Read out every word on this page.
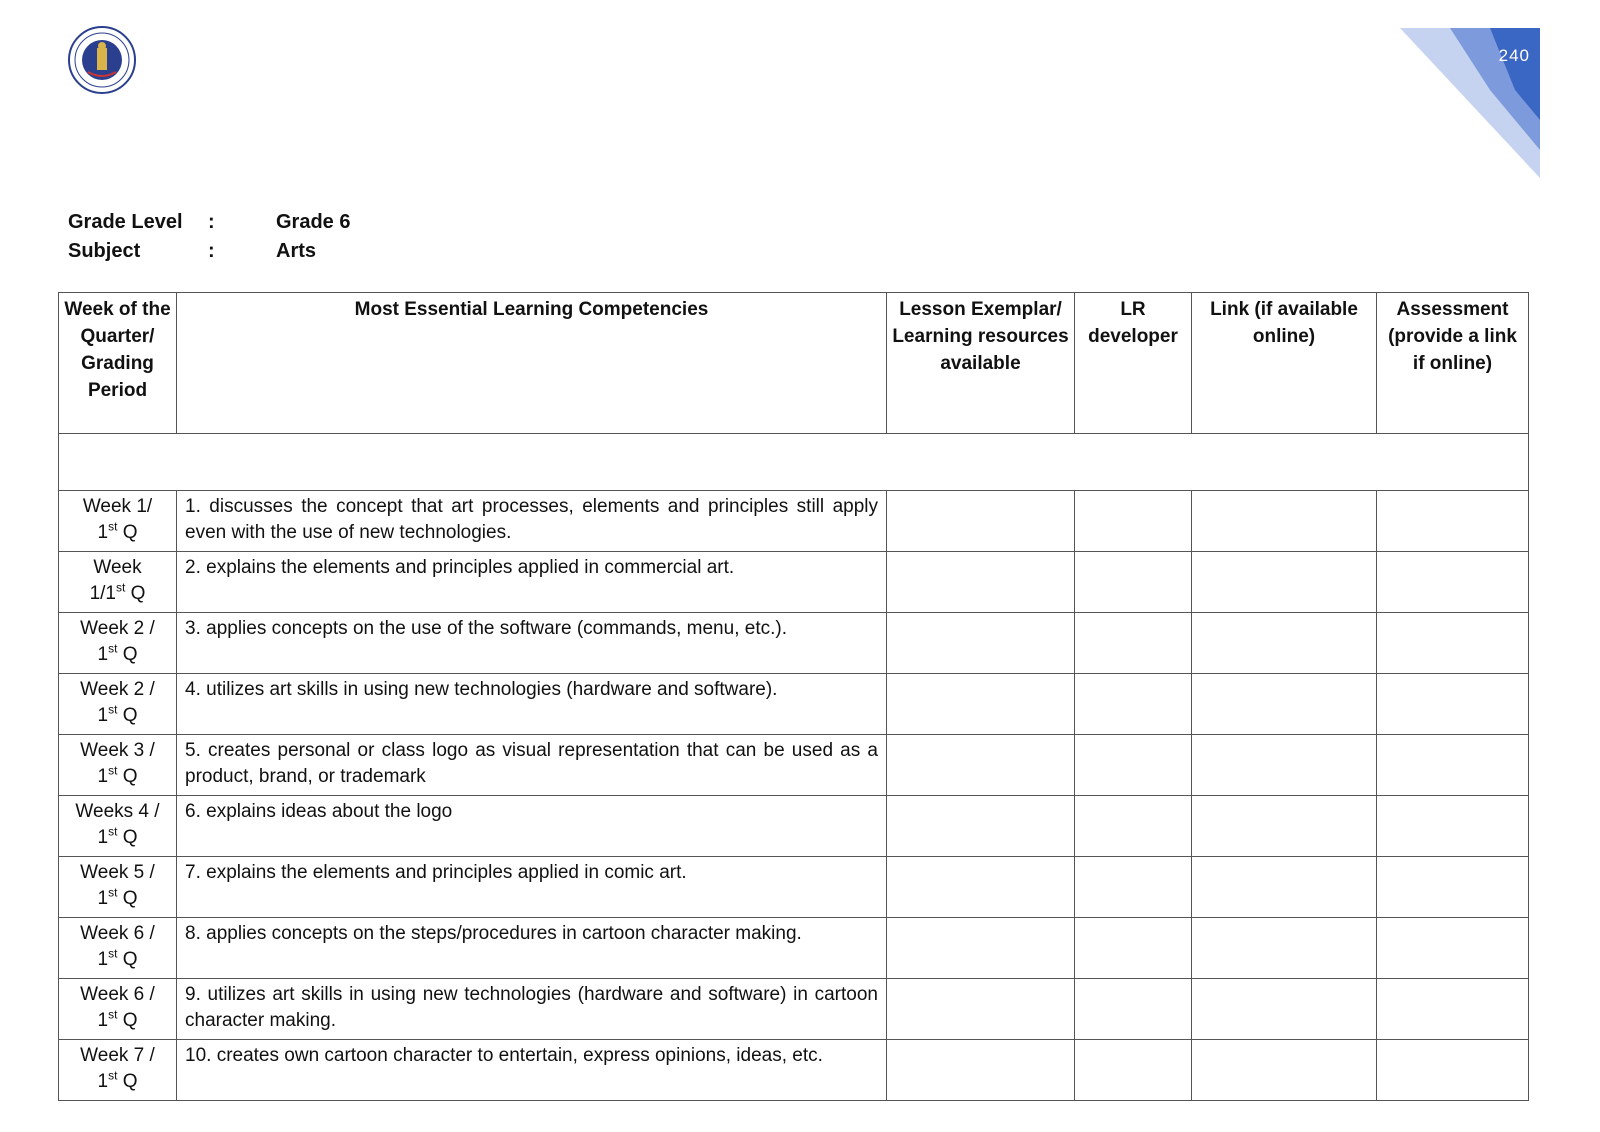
240
Grade Level	:	Grade 6
Subject	:	Arts
Week of the Quarter/ Grading Period	Most Essential Learning Competencies	Lesson Exemplar/ Learning resources available	LR developer	Link (if available online)	Assessment (provide a link if online)

Week 1/
1st Q	1. discusses the concept that art processes, elements and principles still apply even with the use of new technologies.				
Week
1/1st Q	2. explains the elements and principles applied in commercial art.				
Week 2 /
1st Q	3. applies concepts on the use of the software (commands, menu, etc.).				
Week 2 /
1st Q	4. utilizes art skills in using new technologies (hardware and software).				
Week 3 /
1st Q	5. creates personal or class logo as visual representation that can be used as a product, brand, or trademark				
Weeks 4 /
1st Q	6. explains ideas about the logo				
Week 5 /
1st Q	7. explains the elements and principles applied in comic art.				
Week 6 /
1st Q	8. applies concepts on the steps/procedures in cartoon character making.				
Week 6 /
1st Q	9. utilizes art skills in using new technologies (hardware and software) in cartoon character making.				
Week 7 /
1st Q	10. creates own cartoon character to entertain, express opinions, ideas, etc.				
